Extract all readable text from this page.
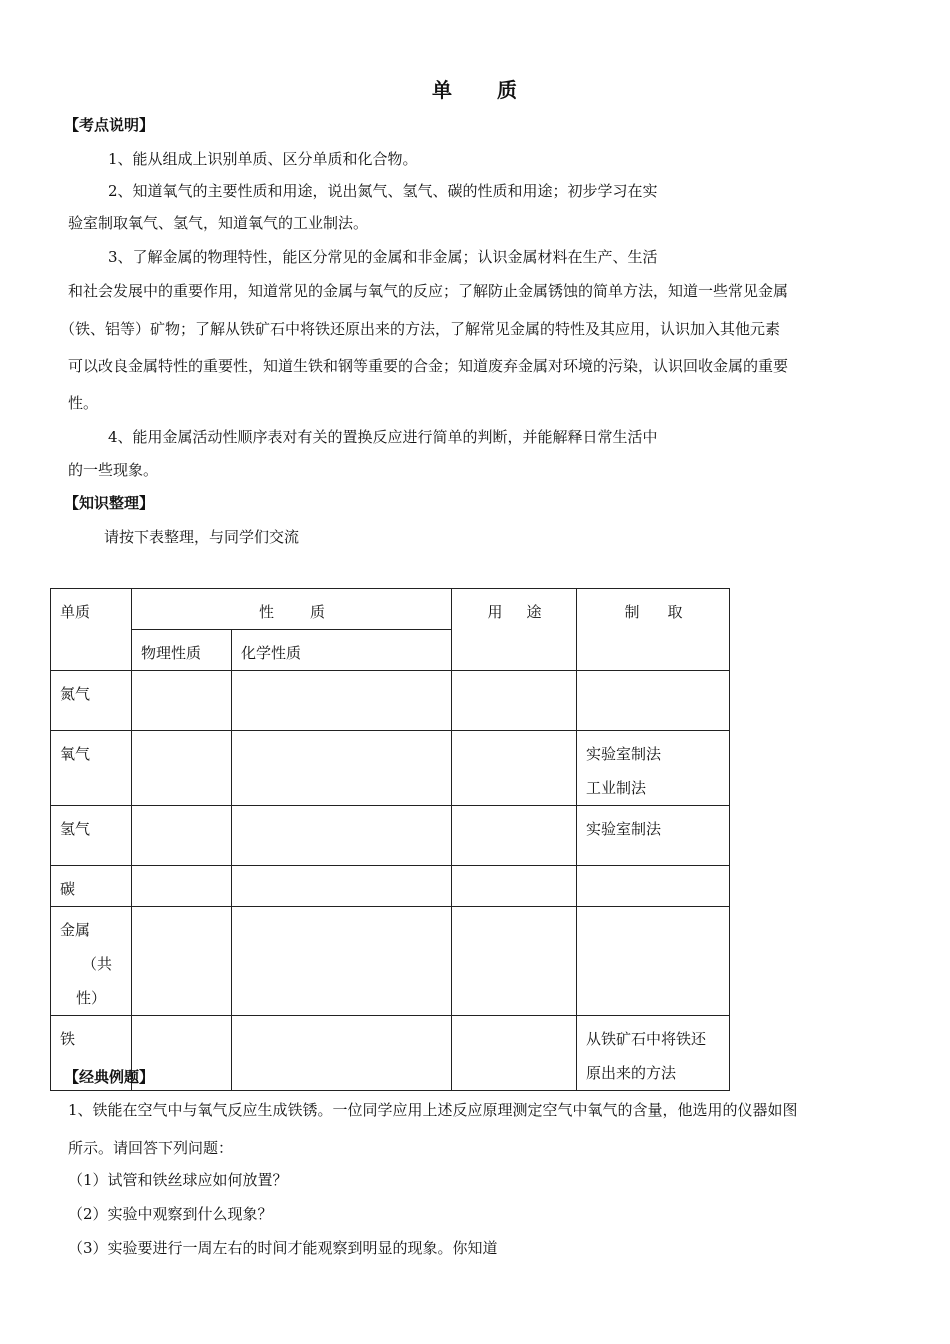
单 质
【考点说明】
1、能从组成上识别单质、区分单质和化合物。
2、知道氧气的主要性质和用途，说出氮气、氢气、碳的性质和用途；初步学习在实
验室制取氧气、氢气，知道氧气的工业制法。
3、了解金属的物理特性，能区分常见的金属和非金属；认识金属材料在生产、生活
和社会发展中的重要作用，知道常见的金属与氧气的反应；了解防止金属锈蚀的简单方法，知道一些常见金属
（铁、铝等）矿物；了解从铁矿石中将铁还原出来的方法，了解常见金属的特性及其应用，认识加入其他元素
可以改良金属特性的重要性，知道生铁和钢等重要的合金；知道废弃金属对环境的污染，认识回收金属的重要
性。
4、能用金属活动性顺序表对有关的置换反应进行简单的判断，并能解释日常生活中
的一些现象。
【知识整理】
请按下表整理，与同学们交流
单质	性 质		用 途	制 取
	物理性质	化学性质		
氮气				
氧气				实验室制法
工业制法

氢气				实验室制法
碳				

金属
（共
性）				

铁				从铁矿石中将铁还
原出来的方法
【经典例题】
1、铁能在空气中与氧气反应生成铁锈。一位同学应用上述反应原理测定空气中氧气的含量，他选用的仪器如图
所示。请回答下列问题：
（1）试管和铁丝球应如何放置？
（2）实验中观察到什么现象？
（3）实验要进行一周左右的时间才能观察到明显的现象。你知道
